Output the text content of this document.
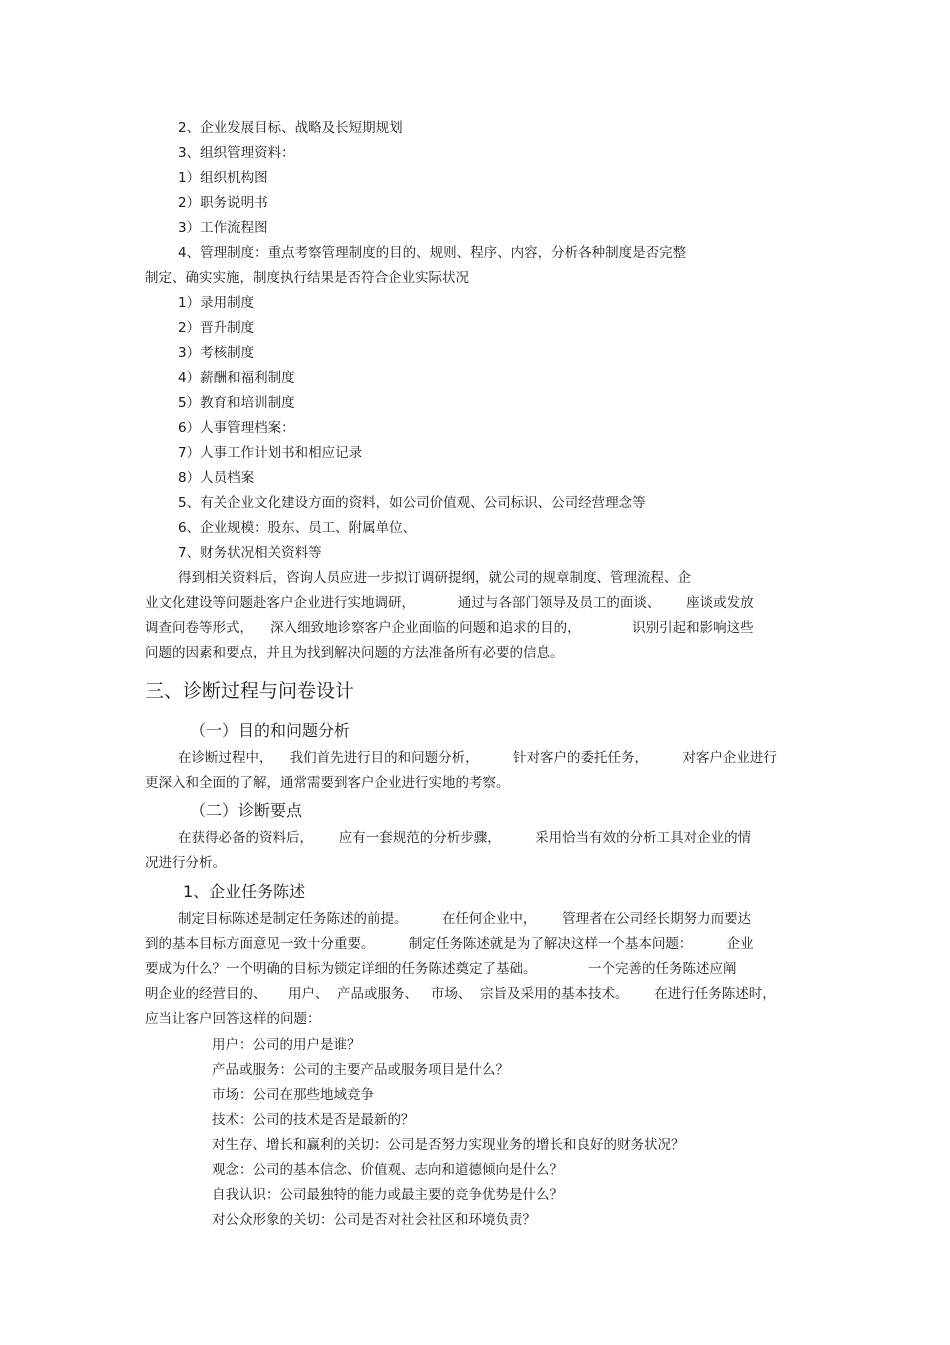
2、企业发展目标、战略及长短期规划
3、组织管理资料：
1）组织机构图
2）职务说明书
3）工作流程图
4、管理制度：重点考察管理制度的目的、规则、程序、内容，分析各种制度是否完整
制定、确实实施，制度执行结果是否符合企业实际状况
1）录用制度
2）晋升制度
3）考核制度
4）薪酬和福利制度
5）教育和培训制度
6）人事管理档案：
7）人事工作计划书和相应记录
8）人员档案
5、有关企业文化建设方面的资料，如公司价值观、公司标识、公司经营理念等
6、企业规模：股东、员工、附属单位、
7、财务状况相关资料等
得到相关资料后，咨询人员应进一步拟订调研提纲，就公司的规章制度、管理流程、企
业文化建设等问题赴客户企业进行实地调研，          通过与各部门领导及员工的面谈、      座谈或发放
调查问卷等形式，    深入细致地诊察客户企业面临的问题和追求的目的，            识别引起和影响这些
问题的因素和要点，并且为找到解决问题的方法准备所有必要的信息。
三、诊断过程与问卷设计
（一）目的和问题分析
在诊断过程中，    我们首先进行目的和问题分析，        针对客户的委托任务，        对客户企业进行
更深入和全面的了解，通常需要到客户企业进行实地的考察。
（二）诊断要点
在获得必备的资料后，      应有一套规范的分析步骤，        采用恰当有效的分析工具对企业的情
况进行分析。
1、企业任务陈述
制定目标陈述是制定任务陈述的前提。        在任何企业中，      管理者在公司经长期努力而要达
到的基本目标方面意见一致十分重要。        制定任务陈述就是为了解决这样一个基本问题：        企业
要成为什么？一个明确的目标为锁定详细的任务陈述奠定了基础。            一个完善的任务陈述应阐
明企业的经营目的、     用户、  产品或服务、   市场、  宗旨及采用的基本技术。      在进行任务陈述时，
应当让客户回答这样的问题：
用户：公司的用户是谁？
产品或服务：公司的主要产品或服务项目是什么？
市场：公司在那些地域竞争
技术：公司的技术是否是最新的？
对生存、增长和赢利的关切：公司是否努力实现业务的增长和良好的财务状况？
观念：公司的基本信念、价值观、志向和道德倾向是什么？
自我认识：公司最独特的能力或最主要的竞争优势是什么？
对公众形象的关切：公司是否对社会社区和环境负责？
